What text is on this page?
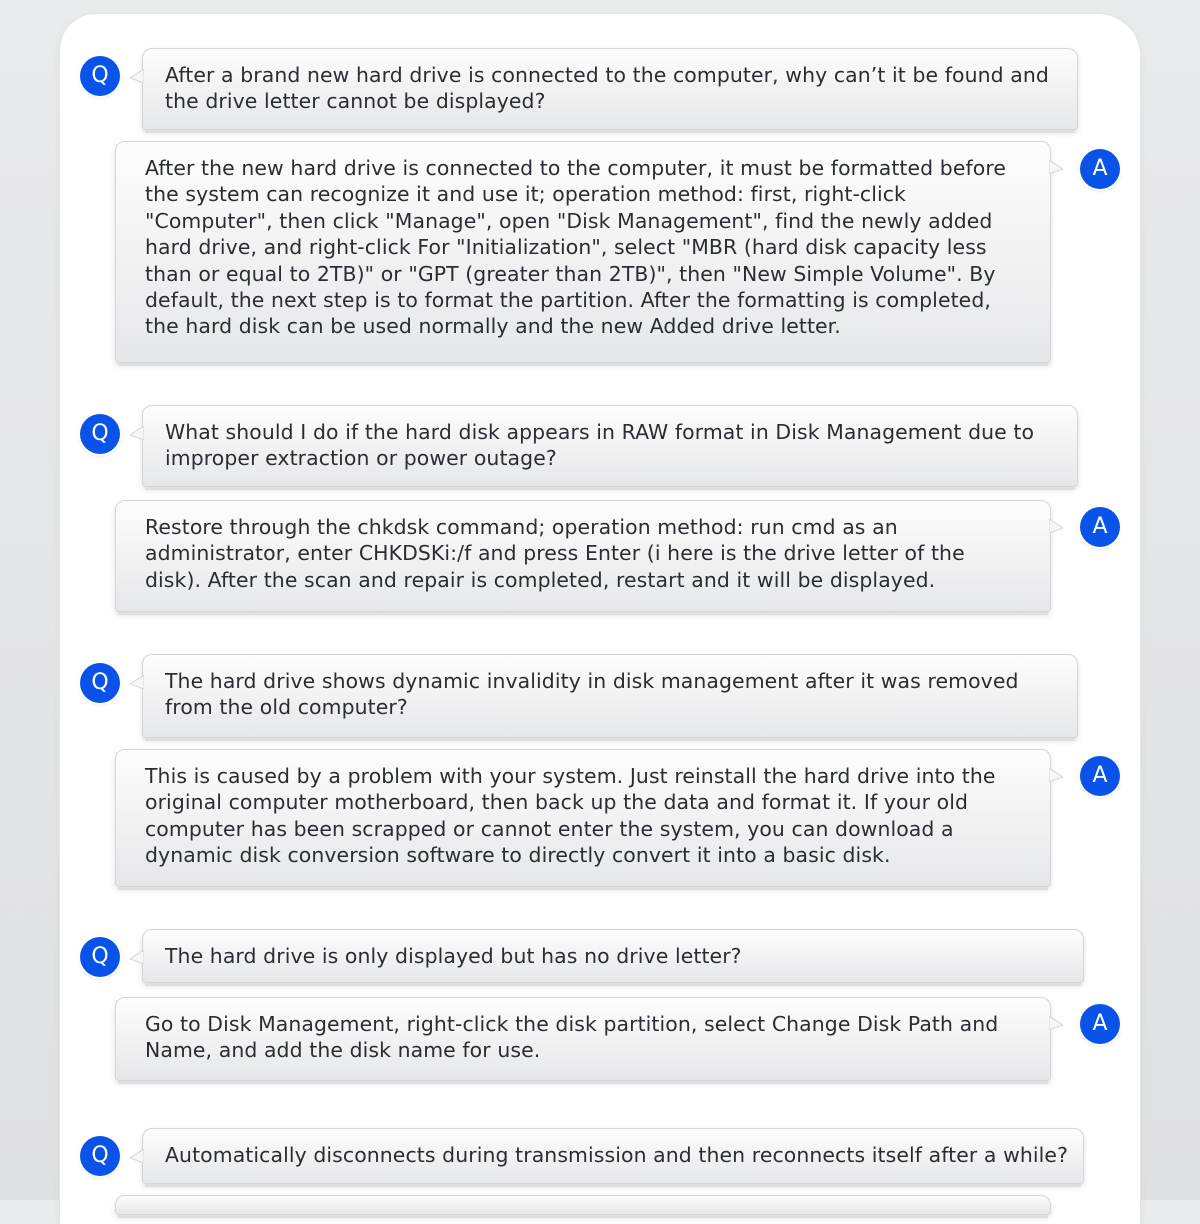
Q	After a brand new hard drive is connected to the computer, why can’t it be found and the drive letter cannot be displayed?
A
After the new hard drive is connected to the computer, it must be formatted before the system can recognize it and use it; operation method: first, right-click "Computer", then click "Manage", open "Disk Management", find the newly added hard drive, and right-click For "Initialization", select "MBR (hard disk capacity less than or equal to 2TB)" or "GPT (greater than 2TB)", then "New Simple Volume". By default, the next step is to format the partition. After the formatting is completed, the hard disk can be used normally and the new Added drive letter.
Q	What should I do if the hard disk appears in RAW format in Disk Management due to improper extraction or power outage?
A
Restore through the chkdsk command; operation method: run cmd as an administrator, enter CHKDSKi:/f and press Enter (i here is the drive letter of the disk). After the scan and repair is completed, restart and it will be displayed.
Q	The hard drive shows dynamic invalidity in disk management after it was removed from the old computer?
A
This is caused by a problem with your system. Just reinstall the hard drive into the original computer motherboard, then back up the data and format it. If your old computer has been scrapped or cannot enter the system, you can download a dynamic disk conversion software to directly convert it into a basic disk.
Q	The hard drive is only displayed but has no drive letter?
A
Go to Disk Management, right-click the disk partition, select Change Disk Path and Name, and add the disk name for use.
Q	Automatically disconnects during transmission and then reconnects itself after a while?
